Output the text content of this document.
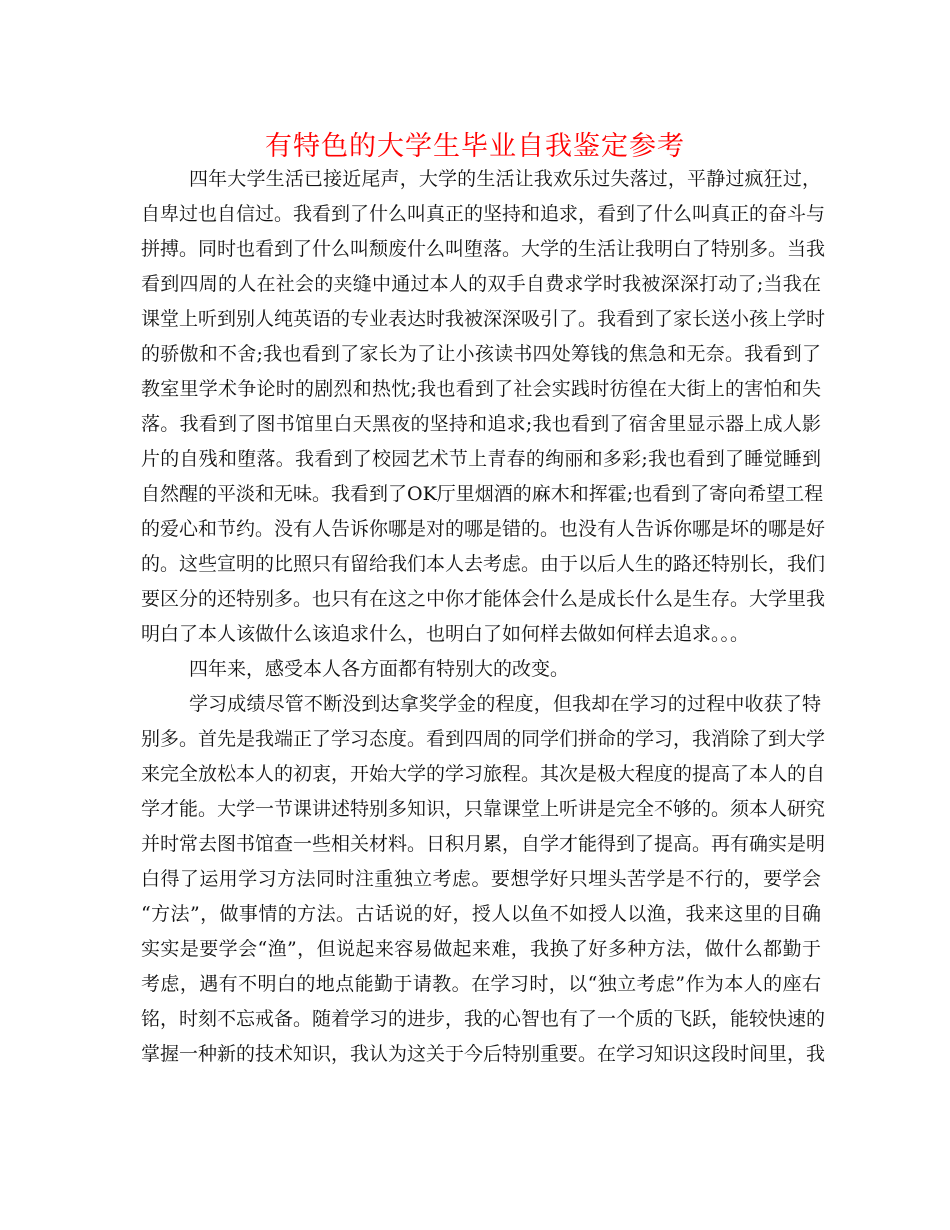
有特色的大学生毕业自我鉴定参考
四年大学生活已接近尾声，大学的生活让我欢乐过失落过，平静过疯狂过，
自卑过也自信过。我看到了什么叫真正的坚持和追求，看到了什么叫真正的奋斗与
拼搏。同时也看到了什么叫颓废什么叫堕落。大学的生活让我明白了特别多。当我
看到四周的人在社会的夹缝中通过本人的双手自费求学时我被深深打动了;当我在
课堂上听到别人纯英语的专业表达时我被深深吸引了。我看到了家长送小孩上学时
的骄傲和不舍;我也看到了家长为了让小孩读书四处筹钱的焦急和无奈。我看到了
教室里学术争论时的剧烈和热忱;我也看到了社会实践时彷徨在大街上的害怕和失
落。我看到了图书馆里白天黑夜的坚持和追求;我也看到了宿舍里显示器上成人影
片的自残和堕落。我看到了校园艺术节上青春的绚丽和多彩;我也看到了睡觉睡到
自然醒的平淡和无味。我看到了OK厅里烟酒的麻木和挥霍;也看到了寄向希望工程
的爱心和节约。没有人告诉你哪是对的哪是错的。也没有人告诉你哪是坏的哪是好
的。这些宣明的比照只有留给我们本人去考虑。由于以后人生的路还特别长，我们
要区分的还特别多。也只有在这之中你才能体会什么是成长什么是生存。大学里我
明白了本人该做什么该追求什么，也明白了如何样去做如何样去追求。。。
四年来，感受本人各方面都有特别大的改变。
学习成绩尽管不断没到达拿奖学金的程度，但我却在学习的过程中收获了特
别多。首先是我端正了学习态度。看到四周的同学们拼命的学习，我消除了到大学
来完全放松本人的初衷，开始大学的学习旅程。其次是极大程度的提高了本人的自
学才能。大学一节课讲述特别多知识，只靠课堂上听讲是完全不够的。须本人研究
并时常去图书馆查一些相关材料。日积月累，自学才能得到了提高。再有确实是明
白得了运用学习方法同时注重独立考虑。要想学好只埋头苦学是不行的，要学会
“方法”，做事情的方法。古话说的好，授人以鱼不如授人以渔，我来这里的目确
实实是要学会“渔”，但说起来容易做起来难，我换了好多种方法，做什么都勤于
考虑，遇有不明白的地点能勤于请教。在学习时，以“独立考虑”作为本人的座右
铭，时刻不忘戒备。随着学习的进步，我的心智也有了一个质的飞跃，能较快速的
掌握一种新的技术知识，我认为这关于今后特别重要。在学习知识这段时间里，我
